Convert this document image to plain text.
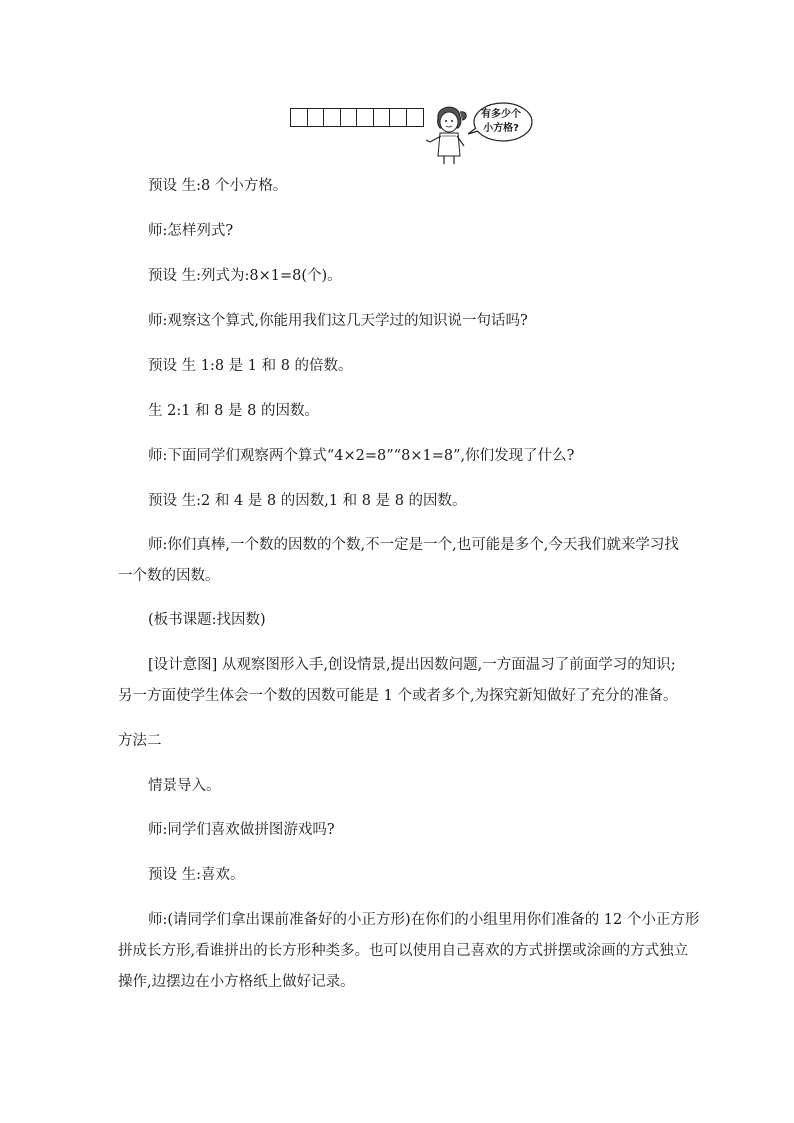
有多少个
小方格?
预设 生:8 个小方格。
师:怎样列式?
预设 生:列式为:8×1=8(个)。
师:观察这个算式,你能用我们这几天学过的知识说一句话吗?
预设 生 1:8 是 1 和 8 的倍数。
生 2:1 和 8 是 8 的因数。
师:下面同学们观察两个算式“4×2=8”“8×1=8”,你们发现了什么?
预设 生:2 和 4 是 8 的因数,1 和 8 是 8 的因数。
师:你们真棒,一个数的因数的个数,不一定是一个,也可能是多个,今天我们就来学习找
一个数的因数。
(板书课题:找因数)
[设计意图] 从观察图形入手,创设情景,提出因数问题,一方面温习了前面学习的知识;
另一方面使学生体会一个数的因数可能是 1 个或者多个,为探究新知做好了充分的准备。
方法二
情景导入。
师:同学们喜欢做拼图游戏吗?
预设 生:喜欢。
师:(请同学们拿出课前准备好的小正方形)在你们的小组里用你们准备的 12 个小正方形
拼成长方形,看谁拼出的长方形种类多。也可以使用自己喜欢的方式拼摆或涂画的方式独立
操作,边摆边在小方格纸上做好记录。
